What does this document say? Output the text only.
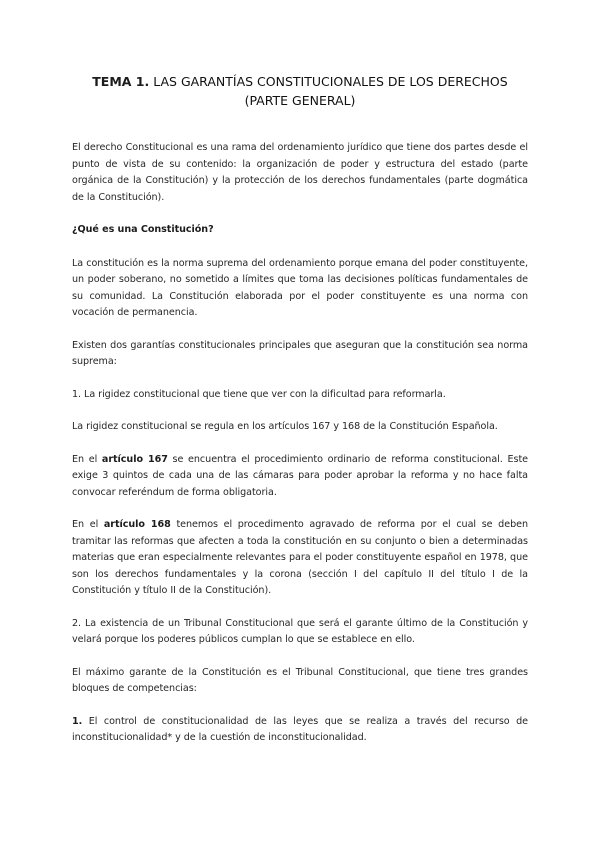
TEMA 1. LAS GARANTÍAS CONSTITUCIONALES DE LOS DERECHOS (PARTE GENERAL)

El derecho Constitucional es una rama del ordenamiento jurídico que tiene dos partes desde el punto de vista de su contenido: la organización de poder y estructura del estado (parte orgánica de la Constitución) y la protección de los derechos fundamentales (parte dogmática de la Constitución).

¿Qué es una Constitución?

La constitución es la norma suprema del ordenamiento porque emana del poder constituyente, un poder soberano, no sometido a límites que toma las decisiones políticas fundamentales de su comunidad. La Constitución elaborada por el poder constituyente es una norma con vocación de permanencia.

Existen dos garantías constitucionales principales que aseguran que la constitución sea norma suprema:

1. La rigidez constitucional que tiene que ver con la dificultad para reformarla.

La rigidez constitucional se regula en los artículos 167 y 168 de la Constitución Española.

En el artículo 167 se encuentra el procedimiento ordinario de reforma constitucional. Este exige 3 quintos de cada una de las cámaras para poder aprobar la reforma y no hace falta convocar referéndum de forma obligatoria.

En el artículo 168 tenemos el procedimento agravado de reforma por el cual se deben tramitar las reformas que afecten a toda la constitución en su conjunto o bien a determinadas materias que eran especialmente relevantes para el poder constituyente español en 1978, que son los derechos fundamentales y la corona (sección I del capítulo II del título I de la Constitución y título II de la Constitución).

2. La existencia de un Tribunal Constitucional que será el garante último de la Constitución y velará porque los poderes públicos cumplan lo que se establece en ello.

El máximo garante de la Constitución es el Tribunal Constitucional, que tiene tres grandes bloques de competencias:

1. El control de constitucionalidad de las leyes que se realiza a través del recurso de inconstitucionalidad* y de la cuestión de inconstitucionalidad.
